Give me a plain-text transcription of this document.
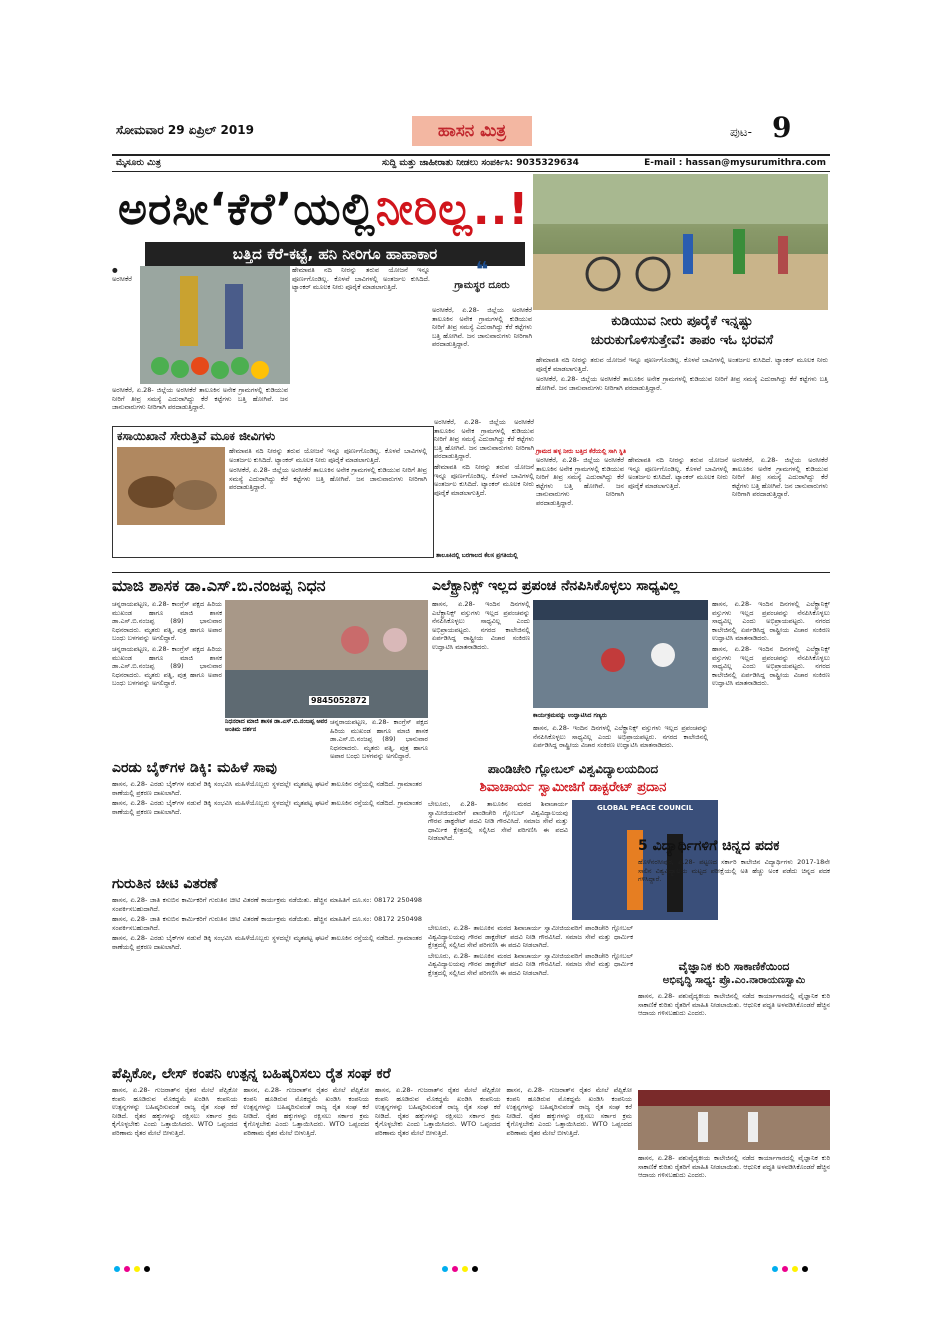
ಸೋಮವಾರ 29 ಏಪ್ರಿಲ್ 2019	ಹಾಸನ ಮಿತ್ರ	ಪುಟ- 9
ಮೈಸೂರು ಮಿತ್ರ	ಸುದ್ದಿ ಮತ್ತು ಜಾಹೀರಾತು ನೀಡಲು ಸಂಪರ್ಕಿಸಿ: 9035329634	E-mail : hassan@mysurumithra.com
ಅರಸೀ‘ಕೆರೆ’ಯಲ್ಲಿನೀರಿಲ್ಲ..!
ಬತ್ತಿದ ಕೆರೆ-ಕಟ್ಟೆ, ಹನಿ ನೀರಿಗೂ ಹಾಹಾಕಾರ

● ಅರಸೀಕೆರೆ

ಹೇಮಾವತಿ ನದಿ ನೀರನ್ನು ತರುವ ಯೋಜನೆ ಇನ್ನೂ ಪೂರ್ಣಗೊಂಡಿಲ್ಲ. ಕೊಳವೆ ಬಾವಿಗಳಲ್ಲಿ ಅಂತರ್ಜಲ ಕುಸಿದಿದೆ. ಟ್ಯಾಂಕರ್ ಮೂಲಕ ನೀರು ಪೂರೈಕೆ ಮಾಡಲಾಗುತ್ತಿದೆ.

❝
ಗ್ರಾಮಸ್ಥರ ದೂರು

ಅರಸೀಕೆರೆ, ಏ.28- ಜಿಲ್ಲೆಯ ಅರಸೀಕೆರೆ ತಾಲೂಕಿನ ಅನೇಕ ಗ್ರಾಮಗಳಲ್ಲಿ ಕುಡಿಯುವ ನೀರಿಗೆ ತೀವ್ರ ಸಮಸ್ಯೆ ಎದುರಾಗಿದ್ದು ಕೆರೆ ಕಟ್ಟೆಗಳು ಬತ್ತಿ ಹೋಗಿವೆ. ಜನ ಜಾನುವಾರುಗಳು ನೀರಿಗಾಗಿ ಪರದಾಡುತ್ತಿದ್ದಾರೆ.

ಕುಡಿಯುವ ನೀರು ಪೂರೈಕೆ ಇನ್ನಷ್ಟು
ಚುರುಕುಗೊಳಿಸುತ್ತೇವೆ: ತಾಪಂ ಇಓ ಭರವಸೆ

ಹೇಮಾವತಿ ನದಿ ನೀರನ್ನು ತರುವ ಯೋಜನೆ ಇನ್ನೂ ಪೂರ್ಣಗೊಂಡಿಲ್ಲ. ಕೊಳವೆ ಬಾವಿಗಳಲ್ಲಿ ಅಂತರ್ಜಲ ಕುಸಿದಿದೆ. ಟ್ಯಾಂಕರ್ ಮೂಲಕ ನೀರು ಪೂರೈಕೆ ಮಾಡಲಾಗುತ್ತಿದೆ.

ಅರಸೀಕೆರೆ, ಏ.28- ಜಿಲ್ಲೆಯ ಅರಸೀಕೆರೆ ತಾಲೂಕಿನ ಅನೇಕ ಗ್ರಾಮಗಳಲ್ಲಿ ಕುಡಿಯುವ ನೀರಿಗೆ ತೀವ್ರ ಸಮಸ್ಯೆ ಎದುರಾಗಿದ್ದು ಕೆರೆ ಕಟ್ಟೆಗಳು ಬತ್ತಿ ಹೋಗಿವೆ. ಜನ ಜಾನುವಾರುಗಳು ನೀರಿಗಾಗಿ ಪರದಾಡುತ್ತಿದ್ದಾರೆ.

ಅರಸೀಕೆರೆ, ಏ.28- ಜಿಲ್ಲೆಯ ಅರಸೀಕೆರೆ ತಾಲೂಕಿನ ಅನೇಕ ಗ್ರಾಮಗಳಲ್ಲಿ ಕುಡಿಯುವ ನೀರಿಗೆ ತೀವ್ರ ಸಮಸ್ಯೆ ಎದುರಾಗಿದ್ದು ಕೆರೆ ಕಟ್ಟೆಗಳು ಬತ್ತಿ ಹೋಗಿವೆ. ಜನ ಜಾನುವಾರುಗಳು ನೀರಿಗಾಗಿ ಪರದಾಡುತ್ತಿದ್ದಾರೆ.

ಕಸಾಯಿಖಾನೆ ಸೇರುತ್ತಿವೆ ಮೂಕ ಜೀವಿಗಳು

ಹೇಮಾವತಿ ನದಿ ನೀರನ್ನು ತರುವ ಯೋಜನೆ ಇನ್ನೂ ಪೂರ್ಣಗೊಂಡಿಲ್ಲ. ಕೊಳವೆ ಬಾವಿಗಳಲ್ಲಿ ಅಂತರ್ಜಲ ಕುಸಿದಿದೆ. ಟ್ಯಾಂಕರ್ ಮೂಲಕ ನೀರು ಪೂರೈಕೆ ಮಾಡಲಾಗುತ್ತಿದೆ.

ಅರಸೀಕೆರೆ, ಏ.28- ಜಿಲ್ಲೆಯ ಅರಸೀಕೆರೆ ತಾಲೂಕಿನ ಅನೇಕ ಗ್ರಾಮಗಳಲ್ಲಿ ಕುಡಿಯುವ ನೀರಿಗೆ ತೀವ್ರ ಸಮಸ್ಯೆ ಎದುರಾಗಿದ್ದು ಕೆರೆ ಕಟ್ಟೆಗಳು ಬತ್ತಿ ಹೋಗಿವೆ. ಜನ ಜಾನುವಾರುಗಳು ನೀರಿಗಾಗಿ ಪರದಾಡುತ್ತಿದ್ದಾರೆ.

ಅರಸೀಕೆರೆ, ಏ.28- ಜಿಲ್ಲೆಯ ಅರಸೀಕೆರೆ ತಾಲೂಕಿನ ಅನೇಕ ಗ್ರಾಮಗಳಲ್ಲಿ ಕುಡಿಯುವ ನೀರಿಗೆ ತೀವ್ರ ಸಮಸ್ಯೆ ಎದುರಾಗಿದ್ದು ಕೆರೆ ಕಟ್ಟೆಗಳು ಬತ್ತಿ ಹೋಗಿವೆ. ಜನ ಜಾನುವಾರುಗಳು ನೀರಿಗಾಗಿ ಪರದಾಡುತ್ತಿದ್ದಾರೆ.

ಹೇಮಾವತಿ ನದಿ ನೀರನ್ನು ತರುವ ಯೋಜನೆ ಇನ್ನೂ ಪೂರ್ಣಗೊಂಡಿಲ್ಲ. ಕೊಳವೆ ಬಾವಿಗಳಲ್ಲಿ ಅಂತರ್ಜಲ ಕುಸಿದಿದೆ. ಟ್ಯಾಂಕರ್ ಮೂಲಕ ನೀರು ಪೂರೈಕೆ ಮಾಡಲಾಗುತ್ತಿದೆ.

ತಾಲೂಕಿನಲ್ಲಿ ಬರಗಾಲದ ಕೆಲಸ ಪ್ರಗತಿಯಲ್ಲಿ

ಅರಸೀಕೆರೆ, ಏ.28- ಜಿಲ್ಲೆಯ ಅರಸೀಕೆರೆ ತಾಲೂಕಿನ ಅನೇಕ ಗ್ರಾಮಗಳಲ್ಲಿ ಕುಡಿಯುವ ನೀರಿಗೆ ತೀವ್ರ ಸಮಸ್ಯೆ ಎದುರಾಗಿದ್ದು ಕೆರೆ ಕಟ್ಟೆಗಳು ಬತ್ತಿ ಹೋಗಿವೆ. ಜನ ಜಾನುವಾರುಗಳು ನೀರಿಗಾಗಿ ಪರದಾಡುತ್ತಿದ್ದಾರೆ.

ಹೇಮಾವತಿ ನದಿ ನೀರನ್ನು ತರುವ ಯೋಜನೆ ಇನ್ನೂ ಪೂರ್ಣಗೊಂಡಿಲ್ಲ. ಕೊಳವೆ ಬಾವಿಗಳಲ್ಲಿ ಅಂತರ್ಜಲ ಕುಸಿದಿದೆ. ಟ್ಯಾಂಕರ್ ಮೂಲಕ ನೀರು ಪೂರೈಕೆ ಮಾಡಲಾಗುತ್ತಿದೆ.

ಅರಸೀಕೆರೆ, ಏ.28- ಜಿಲ್ಲೆಯ ಅರಸೀಕೆರೆ ತಾಲೂಕಿನ ಅನೇಕ ಗ್ರಾಮಗಳಲ್ಲಿ ಕುಡಿಯುವ ನೀರಿಗೆ ತೀವ್ರ ಸಮಸ್ಯೆ ಎದುರಾಗಿದ್ದು ಕೆರೆ ಕಟ್ಟೆಗಳು ಬತ್ತಿ ಹೋಗಿವೆ. ಜನ ಜಾನುವಾರುಗಳು ನೀರಿಗಾಗಿ ಪರದಾಡುತ್ತಿದ್ದಾರೆ.

ಗ್ರಾಮದ ಹಳ್ಳ ನೀರು ಬತ್ತಿದ ಕೆರೆಯಲ್ಲಿ ಸಾಗಿ ಸ್ಥಿತಿ
ಮಾಜಿ ಶಾಸಕ ಡಾ.ಎಸ್.ಬಿ.ನಂಜಪ್ಪ ನಿಧನ

ಚನ್ನರಾಯಪಟ್ಟಣ, ಏ.28- ಕಾಂಗ್ರೆಸ್ ಪಕ್ಷದ ಹಿರಿಯ ಮುಖಂಡ ಹಾಗೂ ಮಾಜಿ ಶಾಸಕ ಡಾ.ಎಸ್.ಬಿ.ನಂಜಪ್ಪ (89) ಭಾನುವಾರ ನಿಧನರಾದರು. ಮೃತರು ಪತ್ನಿ, ಪುತ್ರ ಹಾಗೂ ಅಪಾರ ಬಂಧು ಬಳಗವನ್ನು ಅಗಲಿದ್ದಾರೆ.

ಚನ್ನರಾಯಪಟ್ಟಣ, ಏ.28- ಕಾಂಗ್ರೆಸ್ ಪಕ್ಷದ ಹಿರಿಯ ಮುಖಂಡ ಹಾಗೂ ಮಾಜಿ ಶಾಸಕ ಡಾ.ಎಸ್.ಬಿ.ನಂಜಪ್ಪ (89) ಭಾನುವಾರ ನಿಧನರಾದರು. ಮೃತರು ಪತ್ನಿ, ಪುತ್ರ ಹಾಗೂ ಅಪಾರ ಬಂಧು ಬಳಗವನ್ನು ಅಗಲಿದ್ದಾರೆ.

9845052872
ನಿಧನರಾದ ಮಾಜಿ ಶಾಸಕ ಡಾ.ಎಸ್.ಬಿ.ನಂಜಪ್ಪ ಅವರ ಅಂತಿಮ ದರ್ಶನ

ಚನ್ನರಾಯಪಟ್ಟಣ, ಏ.28- ಕಾಂಗ್ರೆಸ್ ಪಕ್ಷದ ಹಿರಿಯ ಮುಖಂಡ ಹಾಗೂ ಮಾಜಿ ಶಾಸಕ ಡಾ.ಎಸ್.ಬಿ.ನಂಜಪ್ಪ (89) ಭಾನುವಾರ ನಿಧನರಾದರು. ಮೃತರು ಪತ್ನಿ, ಪುತ್ರ ಹಾಗೂ ಅಪಾರ ಬಂಧು ಬಳಗವನ್ನು ಅಗಲಿದ್ದಾರೆ.

ಎಲೆಕ್ಟ್ರಾನಿಕ್ಸ್ ಇಲ್ಲದ ಪ್ರಪಂಚ ನೆನಪಿಸಿಕೊಳ್ಳಲು ಸಾಧ್ಯವಿಲ್ಲ

ಹಾಸನ, ಏ.28- ಇಂದಿನ ದಿನಗಳಲ್ಲಿ ಎಲೆಕ್ಟ್ರಾನಿಕ್ಸ್ ವಸ್ತುಗಳು ಇಲ್ಲದ ಪ್ರಪಂಚವನ್ನು ನೆನಪಿಸಿಕೊಳ್ಳಲು ಸಾಧ್ಯವಿಲ್ಲ ಎಂದು ಅಭಿಪ್ರಾಯಪಟ್ಟರು. ನಗರದ ಕಾಲೇಜಿನಲ್ಲಿ ಏರ್ಪಡಿಸಿದ್ದ ರಾಷ್ಟ್ರೀಯ ವಿಚಾರ ಸಂಕಿರಣ ಉದ್ಘಾಟಿಸಿ ಮಾತನಾಡಿದರು.

ಕಾರ್ಯಕ್ರಮವನ್ನು ಉದ್ಘಾಟಿಸಿದ ಗಣ್ಯರು

ಹಾಸನ, ಏ.28- ಇಂದಿನ ದಿನಗಳಲ್ಲಿ ಎಲೆಕ್ಟ್ರಾನಿಕ್ಸ್ ವಸ್ತುಗಳು ಇಲ್ಲದ ಪ್ರಪಂಚವನ್ನು ನೆನಪಿಸಿಕೊಳ್ಳಲು ಸಾಧ್ಯವಿಲ್ಲ ಎಂದು ಅಭಿಪ್ರಾಯಪಟ್ಟರು. ನಗರದ ಕಾಲೇಜಿನಲ್ಲಿ ಏರ್ಪಡಿಸಿದ್ದ ರಾಷ್ಟ್ರೀಯ ವಿಚಾರ ಸಂಕಿರಣ ಉದ್ಘಾಟಿಸಿ ಮಾತನಾಡಿದರು.

ಹಾಸನ, ಏ.28- ಇಂದಿನ ದಿನಗಳಲ್ಲಿ ಎಲೆಕ್ಟ್ರಾನಿಕ್ಸ್ ವಸ್ತುಗಳು ಇಲ್ಲದ ಪ್ರಪಂಚವನ್ನು ನೆನಪಿಸಿಕೊಳ್ಳಲು ಸಾಧ್ಯವಿಲ್ಲ ಎಂದು ಅಭಿಪ್ರಾಯಪಟ್ಟರು. ನಗರದ ಕಾಲೇಜಿನಲ್ಲಿ ಏರ್ಪಡಿಸಿದ್ದ ರಾಷ್ಟ್ರೀಯ ವಿಚಾರ ಸಂಕಿರಣ ಉದ್ಘಾಟಿಸಿ ಮಾತನಾಡಿದರು.

ಹಾಸನ, ಏ.28- ಇಂದಿನ ದಿನಗಳಲ್ಲಿ ಎಲೆಕ್ಟ್ರಾನಿಕ್ಸ್ ವಸ್ತುಗಳು ಇಲ್ಲದ ಪ್ರಪಂಚವನ್ನು ನೆನಪಿಸಿಕೊಳ್ಳಲು ಸಾಧ್ಯವಿಲ್ಲ ಎಂದು ಅಭಿಪ್ರಾಯಪಟ್ಟರು. ನಗರದ ಕಾಲೇಜಿನಲ್ಲಿ ಏರ್ಪಡಿಸಿದ್ದ ರಾಷ್ಟ್ರೀಯ ವಿಚಾರ ಸಂಕಿರಣ ಉದ್ಘಾಟಿಸಿ ಮಾತನಾಡಿದರು.

ಎರಡು ಬೈಕ್‌ಗಳ ಡಿಕ್ಕಿ: ಮಹಿಳೆ ಸಾವು

ಹಾಸನ, ಏ.28- ಎರಡು ಬೈಕ್‌ಗಳ ನಡುವೆ ಡಿಕ್ಕಿ ಸಂಭವಿಸಿ ಮಹಿಳೆಯೊಬ್ಬರು ಸ್ಥಳದಲ್ಲೇ ಮೃತಪಟ್ಟ ಘಟನೆ ತಾಲೂಕಿನ ರಸ್ತೆಯಲ್ಲಿ ನಡೆದಿದೆ. ಗ್ರಾಮಾಂತರ ಠಾಣೆಯಲ್ಲಿ ಪ್ರಕರಣ ದಾಖಲಾಗಿದೆ.

ಹಾಸನ, ಏ.28- ಎರಡು ಬೈಕ್‌ಗಳ ನಡುವೆ ಡಿಕ್ಕಿ ಸಂಭವಿಸಿ ಮಹಿಳೆಯೊಬ್ಬರು ಸ್ಥಳದಲ್ಲೇ ಮೃತಪಟ್ಟ ಘಟನೆ ತಾಲೂಕಿನ ರಸ್ತೆಯಲ್ಲಿ ನಡೆದಿದೆ. ಗ್ರಾಮಾಂತರ ಠಾಣೆಯಲ್ಲಿ ಪ್ರಕರಣ ದಾಖಲಾಗಿದೆ.

ಪಾಂಡಿಚೇರಿ ಗ್ಲೋಬಲ್ ವಿಶ್ವವಿದ್ಯಾಲಯದಿಂದ
ಶಿವಾಚಾರ್ಯ ಸ್ವಾಮೀಜಿಗೆ ಡಾಕ್ಟರೇಟ್ ಪ್ರದಾನ

ಬೇಲೂರು, ಏ.28- ತಾಲೂಕಿನ ಮಠದ ಶಿವಾಚಾರ್ಯ ಸ್ವಾಮೀಜಿಯವರಿಗೆ ಪಾಂಡಿಚೇರಿ ಗ್ಲೋಬಲ್ ವಿಶ್ವವಿದ್ಯಾಲಯವು ಗೌರವ ಡಾಕ್ಟರೇಟ್ ಪದವಿ ನೀಡಿ ಗೌರವಿಸಿದೆ. ಸಮಾಜ ಸೇವೆ ಮತ್ತು ಧಾರ್ಮಿಕ ಕ್ಷೇತ್ರದಲ್ಲಿ ಸಲ್ಲಿಸಿದ ಸೇವೆ ಪರಿಗಣಿಸಿ ಈ ಪದವಿ ನೀಡಲಾಗಿದೆ.

GLOBAL PEACE COUNCIL
ಗುರುತಿನ ಚೀಟಿ ವಿತರಣೆ

ಹಾಸನ, ಏ.28- ಜಾತಿ ಕಸುಬಿನ ಕಾರ್ಮಿಕರಿಗೆ ಗುರುತಿನ ಚೀಟಿ ವಿತರಣೆ ಕಾರ್ಯಕ್ರಮ ನಡೆಯಿತು. ಹೆಚ್ಚಿನ ಮಾಹಿತಿಗೆ ದೂ.ಸಂ: 08172 250498 ಸಂಪರ್ಕಿಸಬಹುದಾಗಿದೆ.

ಹಾಸನ, ಏ.28- ಜಾತಿ ಕಸುಬಿನ ಕಾರ್ಮಿಕರಿಗೆ ಗುರುತಿನ ಚೀಟಿ ವಿತರಣೆ ಕಾರ್ಯಕ್ರಮ ನಡೆಯಿತು. ಹೆಚ್ಚಿನ ಮಾಹಿತಿಗೆ ದೂ.ಸಂ: 08172 250498 ಸಂಪರ್ಕಿಸಬಹುದಾಗಿದೆ.

ಹಾಸನ, ಏ.28- ಎರಡು ಬೈಕ್‌ಗಳ ನಡುವೆ ಡಿಕ್ಕಿ ಸಂಭವಿಸಿ ಮಹಿಳೆಯೊಬ್ಬರು ಸ್ಥಳದಲ್ಲೇ ಮೃತಪಟ್ಟ ಘಟನೆ ತಾಲೂಕಿನ ರಸ್ತೆಯಲ್ಲಿ ನಡೆದಿದೆ. ಗ್ರಾಮಾಂತರ ಠಾಣೆಯಲ್ಲಿ ಪ್ರಕರಣ ದಾಖಲಾಗಿದೆ.

5 ವಿದ್ಯಾರ್ಥಿಗಳಿಗೆ ಚಿನ್ನದ ಪದಕ

ಹೊಳೆನರಸೀಪುರ, ಏ.28- ಪಟ್ಟಣದ ಸರ್ಕಾರಿ ಕಾಲೇಜಿನ ವಿದ್ಯಾರ್ಥಿಗಳು 2017-18ನೇ ಸಾಲಿನ ವಿಶ್ವವಿದ್ಯಾಲಯ ಮಟ್ಟದ ಪರೀಕ್ಷೆಯಲ್ಲಿ ಅತಿ ಹೆಚ್ಚು ಅಂಕ ಪಡೆದು ಚಿನ್ನದ ಪದಕ ಗಳಿಸಿದ್ದಾರೆ.

ಬೇಲೂರು, ಏ.28- ತಾಲೂಕಿನ ಮಠದ ಶಿವಾಚಾರ್ಯ ಸ್ವಾಮೀಜಿಯವರಿಗೆ ಪಾಂಡಿಚೇರಿ ಗ್ಲೋಬಲ್ ವಿಶ್ವವಿದ್ಯಾಲಯವು ಗೌರವ ಡಾಕ್ಟರೇಟ್ ಪದವಿ ನೀಡಿ ಗೌರವಿಸಿದೆ. ಸಮಾಜ ಸೇವೆ ಮತ್ತು ಧಾರ್ಮಿಕ ಕ್ಷೇತ್ರದಲ್ಲಿ ಸಲ್ಲಿಸಿದ ಸೇವೆ ಪರಿಗಣಿಸಿ ಈ ಪದವಿ ನೀಡಲಾಗಿದೆ.

ಬೇಲೂರು, ಏ.28- ತಾಲೂಕಿನ ಮಠದ ಶಿವಾಚಾರ್ಯ ಸ್ವಾಮೀಜಿಯವರಿಗೆ ಪಾಂಡಿಚೇರಿ ಗ್ಲೋಬಲ್ ವಿಶ್ವವಿದ್ಯಾಲಯವು ಗೌರವ ಡಾಕ್ಟರೇಟ್ ಪದವಿ ನೀಡಿ ಗೌರವಿಸಿದೆ. ಸಮಾಜ ಸೇವೆ ಮತ್ತು ಧಾರ್ಮಿಕ ಕ್ಷೇತ್ರದಲ್ಲಿ ಸಲ್ಲಿಸಿದ ಸೇವೆ ಪರಿಗಣಿಸಿ ಈ ಪದವಿ ನೀಡಲಾಗಿದೆ.	ವೈಜ್ಞಾನಿಕ ಕುರಿ ಸಾಕಾಣಿಕೆಯಿಂದ
ಅಭಿವೃದ್ಧಿ ಸಾಧ್ಯ: ಪ್ರೊ.ಎಂ.ನಾರಾಯಣಸ್ವಾಮಿ

ಹಾಸನ, ಏ.28- ಪಶುವೈದ್ಯಕೀಯ ಕಾಲೇಜಿನಲ್ಲಿ ನಡೆದ ಕಾರ್ಯಾಗಾರದಲ್ಲಿ ವೈಜ್ಞಾನಿಕ ಕುರಿ ಸಾಕಾಣಿಕೆ ಕುರಿತು ರೈತರಿಗೆ ಮಾಹಿತಿ ನೀಡಲಾಯಿತು. ಆಧುನಿಕ ಪದ್ಧತಿ ಅಳವಡಿಸಿಕೊಂಡರೆ ಹೆಚ್ಚಿನ ಆದಾಯ ಗಳಿಸಬಹುದು ಎಂದರು.

ಹಾಸನ, ಏ.28- ಪಶುವೈದ್ಯಕೀಯ ಕಾಲೇಜಿನಲ್ಲಿ ನಡೆದ ಕಾರ್ಯಾಗಾರದಲ್ಲಿ ವೈಜ್ಞಾನಿಕ ಕುರಿ ಸಾಕಾಣಿಕೆ ಕುರಿತು ರೈತರಿಗೆ ಮಾಹಿತಿ ನೀಡಲಾಯಿತು. ಆಧುನಿಕ ಪದ್ಧತಿ ಅಳವಡಿಸಿಕೊಂಡರೆ ಹೆಚ್ಚಿನ ಆದಾಯ ಗಳಿಸಬಹುದು ಎಂದರು.

ಪೆಪ್ಸಿಕೋ, ಲೇಸ್ ಕಂಪನಿ ಉತ್ಪನ್ನ ಬಹಿಷ್ಕರಿಸಲು ರೈತ ಸಂಘ ಕರೆ

ಹಾಸನ, ಏ.28- ಗುಜರಾತ್‌ನ ರೈತರ ಮೇಲೆ ಪೆಪ್ಸಿಕೋ ಕಂಪನಿ ಹೂಡಿರುವ ಮೊಕದ್ದಮೆ ಖಂಡಿಸಿ ಕಂಪನಿಯ ಉತ್ಪನ್ನಗಳನ್ನು ಬಹಿಷ್ಕರಿಸುವಂತೆ ರಾಜ್ಯ ರೈತ ಸಂಘ ಕರೆ ನೀಡಿದೆ. ರೈತರ ಹಕ್ಕುಗಳನ್ನು ರಕ್ಷಿಸಲು ಸರ್ಕಾರ ಕ್ರಮ ಕೈಗೊಳ್ಳಬೇಕು ಎಂದು ಒತ್ತಾಯಿಸಿದರು. WTO ಒಪ್ಪಂದದ ಪರಿಣಾಮ ರೈತರ ಮೇಲೆ ಬೀಳುತ್ತಿದೆ.

ಹಾಸನ, ಏ.28- ಗುಜರಾತ್‌ನ ರೈತರ ಮೇಲೆ ಪೆಪ್ಸಿಕೋ ಕಂಪನಿ ಹೂಡಿರುವ ಮೊಕದ್ದಮೆ ಖಂಡಿಸಿ ಕಂಪನಿಯ ಉತ್ಪನ್ನಗಳನ್ನು ಬಹಿಷ್ಕರಿಸುವಂತೆ ರಾಜ್ಯ ರೈತ ಸಂಘ ಕರೆ ನೀಡಿದೆ. ರೈತರ ಹಕ್ಕುಗಳನ್ನು ರಕ್ಷಿಸಲು ಸರ್ಕಾರ ಕ್ರಮ ಕೈಗೊಳ್ಳಬೇಕು ಎಂದು ಒತ್ತಾಯಿಸಿದರು. WTO ಒಪ್ಪಂದದ ಪರಿಣಾಮ ರೈತರ ಮೇಲೆ ಬೀಳುತ್ತಿದೆ.

ಹಾಸನ, ಏ.28- ಗುಜರಾತ್‌ನ ರೈತರ ಮೇಲೆ ಪೆಪ್ಸಿಕೋ ಕಂಪನಿ ಹೂಡಿರುವ ಮೊಕದ್ದಮೆ ಖಂಡಿಸಿ ಕಂಪನಿಯ ಉತ್ಪನ್ನಗಳನ್ನು ಬಹಿಷ್ಕರಿಸುವಂತೆ ರಾಜ್ಯ ರೈತ ಸಂಘ ಕರೆ ನೀಡಿದೆ. ರೈತರ ಹಕ್ಕುಗಳನ್ನು ರಕ್ಷಿಸಲು ಸರ್ಕಾರ ಕ್ರಮ ಕೈಗೊಳ್ಳಬೇಕು ಎಂದು ಒತ್ತಾಯಿಸಿದರು. WTO ಒಪ್ಪಂದದ ಪರಿಣಾಮ ರೈತರ ಮೇಲೆ ಬೀಳುತ್ತಿದೆ.

ಹಾಸನ, ಏ.28- ಗುಜರಾತ್‌ನ ರೈತರ ಮೇಲೆ ಪೆಪ್ಸಿಕೋ ಕಂಪನಿ ಹೂಡಿರುವ ಮೊಕದ್ದಮೆ ಖಂಡಿಸಿ ಕಂಪನಿಯ ಉತ್ಪನ್ನಗಳನ್ನು ಬಹಿಷ್ಕರಿಸುವಂತೆ ರಾಜ್ಯ ರೈತ ಸಂಘ ಕರೆ ನೀಡಿದೆ. ರೈತರ ಹಕ್ಕುಗಳನ್ನು ರಕ್ಷಿಸಲು ಸರ್ಕಾರ ಕ್ರಮ ಕೈಗೊಳ್ಳಬೇಕು ಎಂದು ಒತ್ತಾಯಿಸಿದರು. WTO ಒಪ್ಪಂದದ ಪರಿಣಾಮ ರೈತರ ಮೇಲೆ ಬೀಳುತ್ತಿದೆ.
